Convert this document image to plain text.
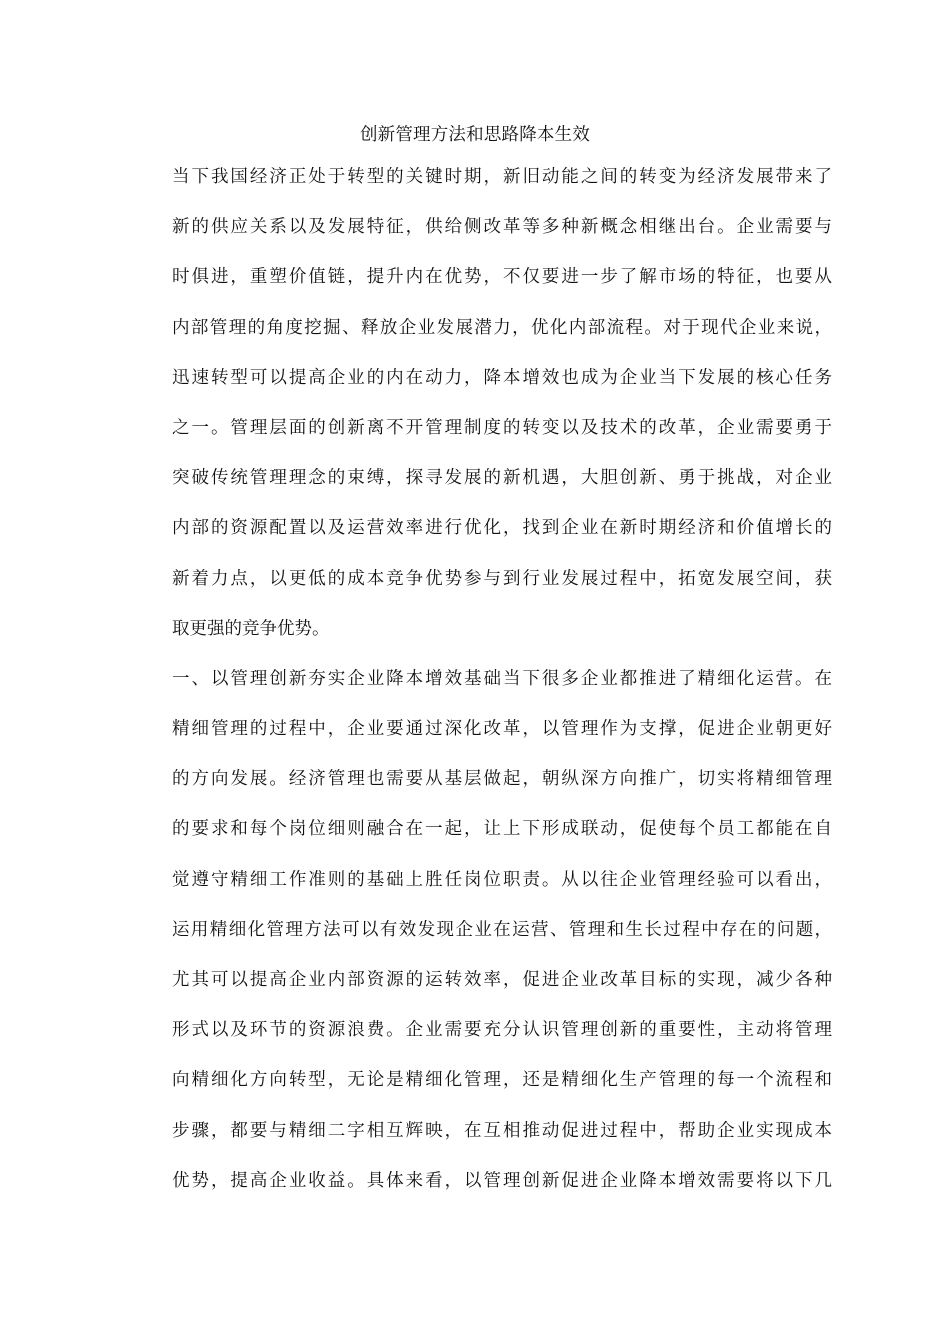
创新管理方法和思路降本生效
当下我国经济正处于转型的关键时期，新旧动能之间的转变为经济发展带来了
新的供应关系以及发展特征，供给侧改革等多种新概念相继出台。企业需要与
时俱进，重塑价值链，提升内在优势，不仅要进一步了解市场的特征，也要从
内部管理的角度挖掘、释放企业发展潜力，优化内部流程。对于现代企业来说，
迅速转型可以提高企业的内在动力，降本增效也成为企业当下发展的核心任务
之一。管理层面的创新离不开管理制度的转变以及技术的改革，企业需要勇于
突破传统管理理念的束缚，探寻发展的新机遇，大胆创新、勇于挑战，对企业
内部的资源配置以及运营效率进行优化，找到企业在新时期经济和价值增长的
新着力点，以更低的成本竞争优势参与到行业发展过程中，拓宽发展空间，获
取更强的竞争优势。
一、以管理创新夯实企业降本增效基础当下很多企业都推进了精细化运营。在
精细管理的过程中，企业要通过深化改革，以管理作为支撑，促进企业朝更好
的方向发展。经济管理也需要从基层做起，朝纵深方向推广，切实将精细管理
的要求和每个岗位细则融合在一起，让上下形成联动，促使每个员工都能在自
觉遵守精细工作准则的基础上胜任岗位职责。从以往企业管理经验可以看出，
运用精细化管理方法可以有效发现企业在运营、管理和生长过程中存在的问题，
尤其可以提高企业内部资源的运转效率，促进企业改革目标的实现，减少各种
形式以及环节的资源浪费。企业需要充分认识管理创新的重要性，主动将管理
向精细化方向转型，无论是精细化管理，还是精细化生产管理的每一个流程和
步骤，都要与精细二字相互辉映，在互相推动促进过程中，帮助企业实现成本
优势，提高企业收益。具体来看，以管理创新促进企业降本增效需要将以下几
